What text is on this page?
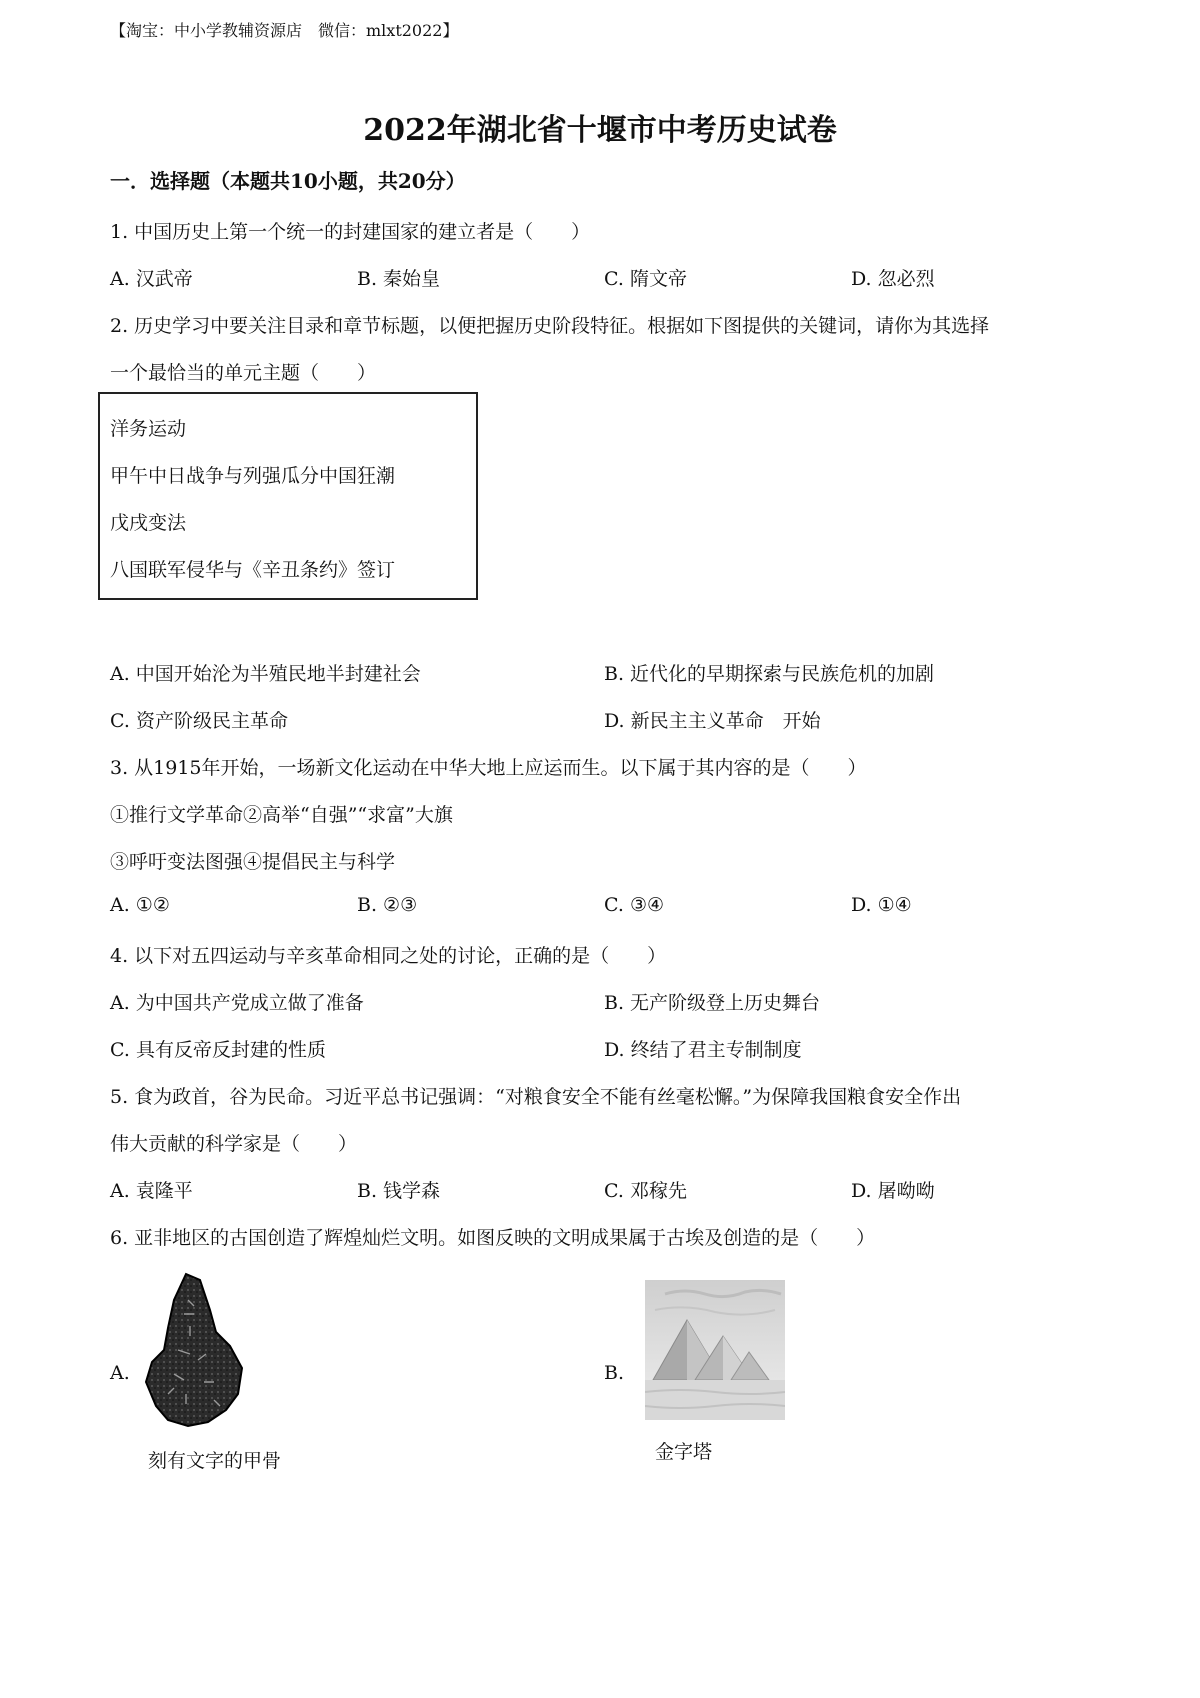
【淘宝：中小学教辅资源店　微信：mlxt2022】
2022年湖北省十堰市中考历史试卷
一．选择题（本题共10小题，共20分）
1. 中国历史上第一个统一的封建国家的建立者是（　　）
A. 汉武帝	B. 秦始皇	C. 隋文帝	D. 忽必烈
2. 历史学习中要关注目录和章节标题，以便把握历史阶段特征。根据如下图提供的关键词，请你为其选择
一个最恰当的单元主题（　　）
洋务运动
甲午中日战争与列强瓜分中国狂潮
戊戌变法
八国联军侵华与《辛丑条约》签订
A. 中国开始沦为半殖民地半封建社会	B. 近代化的早期探索与民族危机的加剧
C. 资产阶级民主革命	D. 新民主主义革命　开始
3. 从1915年开始，一场新文化运动在中华大地上应运而生。以下属于其内容的是（　　）
①推行文学革命②高举“自强”“求富”大旗
③呼吁变法图强④提倡民主与科学
A. ①②	B. ②③	C. ③④	D. ①④
4. 以下对五四运动与辛亥革命相同之处的讨论，正确的是（　　）
A. 为中国共产党成立做了准备	B. 无产阶级登上历史舞台
C. 具有反帝反封建的性质	D. 终结了君主专制制度
5. 食为政首，谷为民命。习近平总书记强调：“对粮食安全不能有丝毫松懈。”为保障我国粮食安全作出
伟大贡献的科学家是（　　）
A. 袁隆平	B. 钱学森	C. 邓稼先	D. 屠呦呦
6. 亚非地区的古国创造了辉煌灿烂文明。如图反映的文明成果属于古埃及创造的是（　　）
A.
刻有文字的甲骨
B.
金字塔
